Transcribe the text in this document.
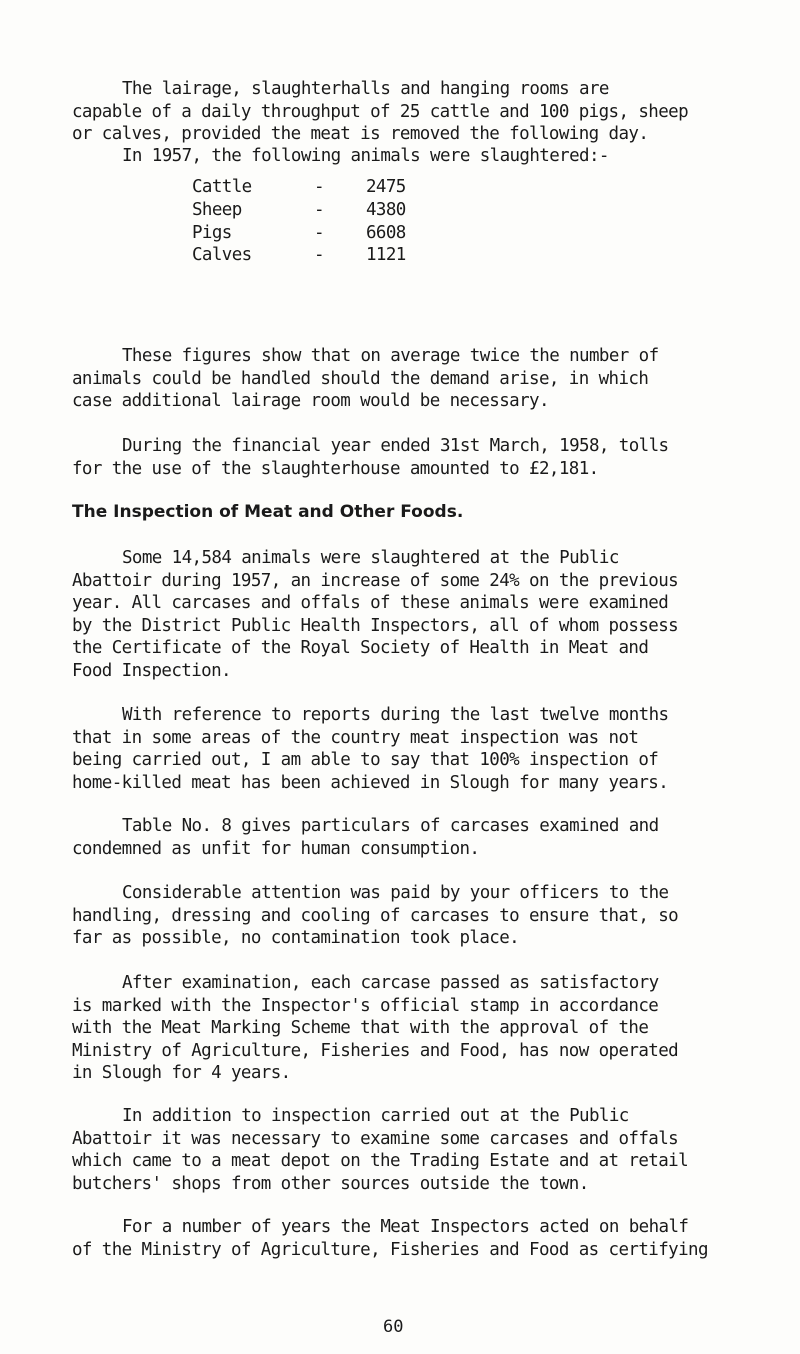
The lairage, slaughterhalls and hanging rooms are
capable of a daily throughput of 25 cattle and 100 pigs, sheep
or calves, provided the meat is removed the following day.

In 1957, the following animals were slaughtered:-

Cattle	-	2475
Sheep	-	4380
Pigs	-	6608
Calves	-	1121

These figures show that on average twice the number of
animals could be handled should the demand arise, in which
case additional lairage room would be necessary.

During the financial year ended 31st March, 1958, tolls
for the use of the slaughterhouse amounted to £2,181.

The Inspection of Meat and Other Foods.

Some 14,584 animals were slaughtered at the Public
Abattoir during 1957, an increase of some 24% on the previous
year. All carcases and offals of these animals were examined
by the District Public Health Inspectors, all of whom possess
the Certificate of the Royal Society of Health in Meat and
Food Inspection.

With reference to reports during the last twelve months
that in some areas of the country meat inspection was not
being carried out, I am able to say that 100% inspection of
home-killed meat has been achieved in Slough for many years.

Table No. 8 gives particulars of carcases examined and
condemned as unfit for human consumption.

Considerable attention was paid by your officers to the
handling, dressing and cooling of carcases to ensure that, so
far as possible, no contamination took place.

After examination, each carcase passed as satisfactory
is marked with the Inspector's official stamp in accordance
with the Meat Marking Scheme that with the approval of the
Ministry of Agriculture, Fisheries and Food, has now operated
in Slough for 4 years.

In addition to inspection carried out at the Public
Abattoir it was necessary to examine some carcases and offals
which came to a meat depot on the Trading Estate and at retail
butchers' shops from other sources outside the town.

For a number of years the Meat Inspectors acted on behalf
of the Ministry of Agriculture, Fisheries and Food as certifying

60
